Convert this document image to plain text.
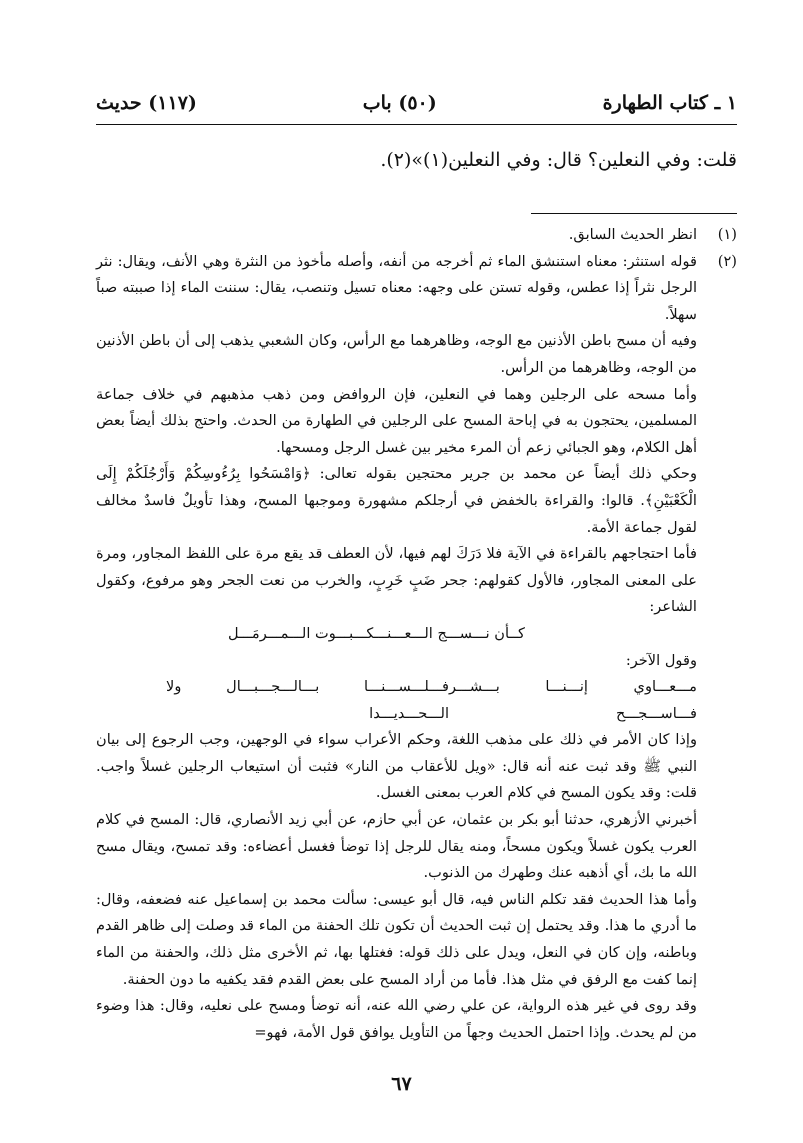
(١١٧) حديث	(٥٠) باب	١ ـ كتاب الطهارة
قلت: وفي النعلين؟ قال: وفي النعلين(١)»(٢).
(١)

انظر الحديث السابق.

(٢)

قوله استنثر: معناه استنشق الماء ثم أخرجه من أنفه، وأصله مأخوذ من النثرة وهي الأنف، ويقال: نثر الرجل نثراً إذا عطس، وقوله تستن على وجهه: معناه تسيل وتنصب، يقال: سننت الماء إذا صببته صباً سهلاً.

وفيه أن مسح باطن الأذنين مع الوجه، وظاهرهما مع الرأس، وكان الشعبي يذهب إلى أن باطن الأذنين من الوجه، وظاهرهما من الرأس.

وأما مسحه على الرجلين وهما في النعلين، فإن الروافض ومن ذهب مذهبهم في خلاف جماعة المسلمين، يحتجون به في إباحة المسح على الرجلين في الطهارة من الحدث. واحتج بذلك أيضاً بعض أهل الكلام، وهو الجبائي زعم أن المرء مخير بين غسل الرجل ومسحها.

وحكي ذلك أيضاً عن محمد بن جرير محتجين بقوله تعالى: ﴿وَامْسَحُوا بِرُءُوسِكُمْ وَأَرْجُلَكُمْ إِلَى الْكَعْبَيْنِ﴾. قالوا: والقراءة بالخفض في أرجلكم مشهورة وموجبها المسح، وهذا تأويلٌ فاسدٌ مخالف لقول جماعة الأمة.

فأما احتجاجهم بالقراءة في الآية فلا دَرَكَ لهم فيها، لأن العطف قد يقع مرة على اللفظ المجاور، ومرة على المعنى المجاور، فالأول كقولهم: جحر ضَبٍ خَرِبٍ، والخرب من نعت الجحر وهو مرفوع، وكقول الشاعر:

كــأن نـــســـج الـــعـــنـــكـــبـــوت الـــمـــرمَـــل

وقول الآخر:

مـــعـــاوي إنـــنـــا بـــشـــر فـــاســـجـــح
فـــلـــســـنـــا بـــالـــجـــبـــال ولا الـــحـــديـــدا

وإذا كان الأمر في ذلك على مذهب اللغة، وحكم الأعراب سواء في الوجهين، وجب الرجوع إلى بيان النبي ﷺ وقد ثبت عنه أنه قال: «ويل للأعقاب من النار» فثبت أن استيعاب الرجلين غسلاً واجب. قلت: وقد يكون المسح في كلام العرب بمعنى الغسل.

أخبرني الأزهري، حدثنا أبو بكر بن عثمان، عن أبي حازم، عن أبي زيد الأنصاري، قال: المسح في كلام العرب يكون غسلاً ويكون مسحاً، ومنه يقال للرجل إذا توضأ فغسل أعضاءه: وقد تمسح، ويقال مسح الله ما بك، أي أذهبه عنك وطهرك من الذنوب.

وأما هذا الحديث فقد تكلم الناس فيه، قال أبو عيسى: سألت محمد بن إسماعيل عنه فضعفه، وقال: ما أدري ما هذا. وقد يحتمل إن ثبت الحديث أن تكون تلك الحفنة من الماء قد وصلت إلى ظاهر القدم وباطنه، وإن كان في النعل، ويدل على ذلك قوله: فغتلها بها، ثم الأخرى مثل ذلك، والحفنة من الماء إنما كفت مع الرفق في مثل هذا. فأما من أراد المسح على بعض القدم فقد يكفيه ما دون الحفنة.

وقد روى في غير هذه الرواية، عن علي رضي الله عنه، أنه توضأ ومسح على نعليه، وقال: هذا وضوء من لم يحدث. وإذا احتمل الحديث وجهاً من التأويل يوافق قول الأمة، فهو=

٦٧
